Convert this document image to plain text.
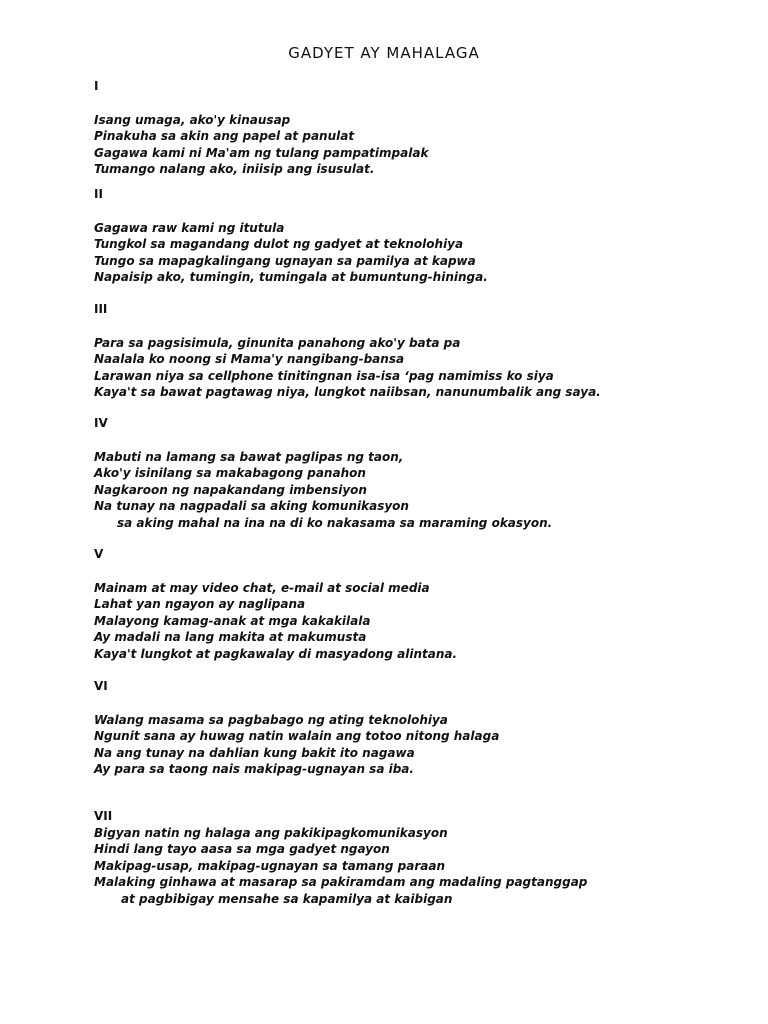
GADYET AY MAHALAGA
I
Isang umaga, ako'y kinausap
Pinakuha sa akin ang papel at panulat
Gagawa kami ni Ma'am ng tulang pampatimpalak
Tumango nalang ako, iniisip ang isusulat.
II
Gagawa raw kami ng itutula
Tungkol sa magandang dulot ng gadyet at teknolohiya
Tungo sa mapagkalingang ugnayan sa pamilya at kapwa
Napaisip ako, tumingin, tumingala at bumuntung-hininga.
III
Para sa pagsisimula, ginunita panahong ako'y bata pa
Naalala ko noong si Mama'y nangibang-bansa
Larawan niya sa cellphone tinitingnan isa-isa ‘pag namimiss ko siya
Kaya't sa bawat pagtawag niya, lungkot naiibsan, nanunumbalik ang saya.
IV
Mabuti na lamang sa bawat paglipas ng taon,
Ako'y isinilang sa makabagong panahon
Nagkaroon ng napakandang imbensiyon
Na tunay na nagpadali sa aking komunikasyon
sa aking mahal na ina na di ko nakasama sa maraming okasyon.
V
Mainam at may video chat, e-mail at social media
Lahat yan ngayon ay naglipana
Malayong kamag-anak at mga kakakilala
Ay madali na lang makita at makumusta
Kaya't lungkot at pagkawalay di masyadong alintana.
VI
Walang masama sa pagbabago ng ating teknolohiya
Ngunit sana ay huwag natin walain ang totoo nitong halaga
Na ang tunay na dahlian kung bakit ito nagawa
Ay para sa taong nais makipag-ugnayan sa iba.
VII
Bigyan natin ng halaga ang pakikipagkomunikasyon
Hindi lang tayo aasa sa mga gadyet ngayon
Makipag-usap, makipag-ugnayan sa tamang paraan
Malaking ginhawa at masarap sa pakiramdam ang madaling pagtanggap
at pagbibigay mensahe sa kapamilya at kaibigan
